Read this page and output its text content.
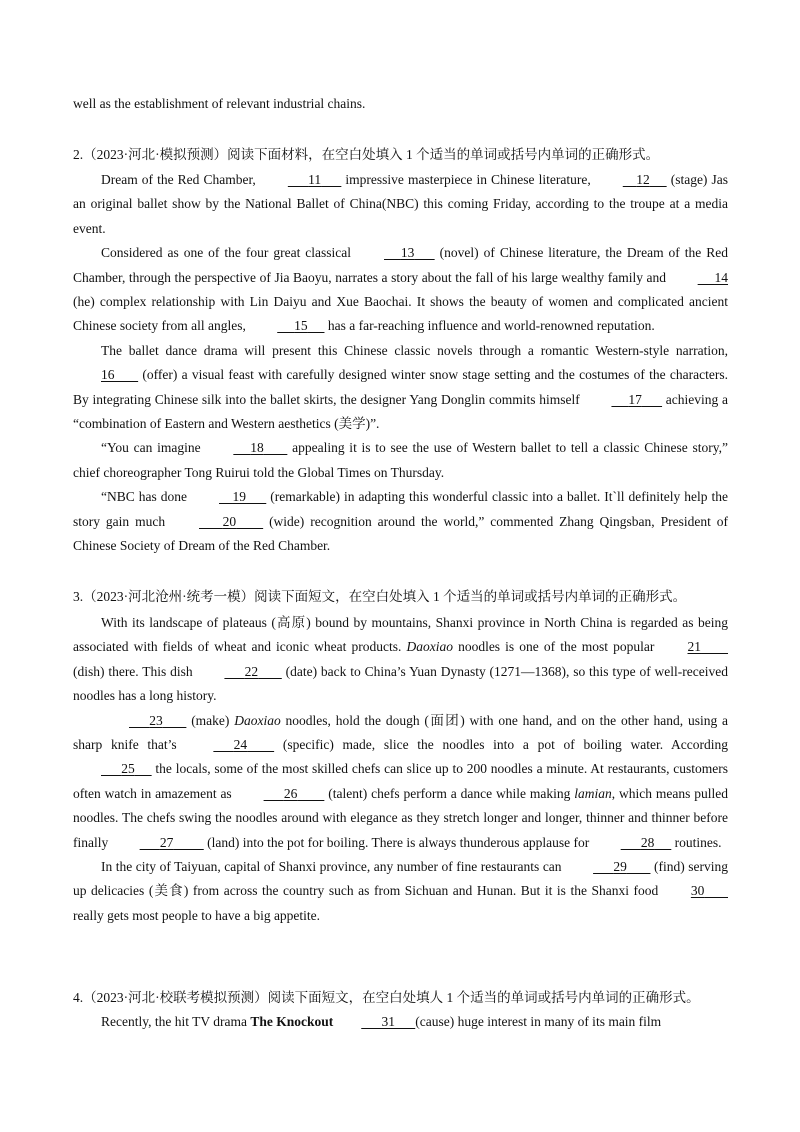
well as the establishment of relevant industrial chains.

2.（2023·河北·模拟预测）阅读下面材料，在空白处填入 1 个适当的单词或括号内单词的正确形式。

Dream of the Red Chamber,	11 impressive masterpiece in Chinese literature,	12 (stage) Jas an original ballet show by the National Ballet of China(NBC) this coming Friday, according to the troupe at a media event.

Considered as one of the four great classical	13 (novel) of Chinese literature, the Dream of the Red Chamber, through the perspective of Jia Baoyu, narrates a story about the fall of his large wealthy family and	14 (he) complex relationship with Lin Daiyu and Xue Baochai. It shows the beauty of women and complicated ancient Chinese society from all angles,	15 has a far-reaching influence and world-renowned reputation.

The ballet dance drama will present this Chinese classic novels through a romantic Western-style narration, 16 (offer) a visual feast with carefully designed winter snow stage setting and the costumes of the characters. By integrating Chinese silk into the ballet skirts, the designer Yang Donglin commits himself	17 achieving a “combination of Eastern and Western aesthetics (美学)”.

“You can imagine	18 appealing it is to see the use of Western ballet to tell a classic Chinese story,” chief choreographer Tong Ruirui told the Global Times on Thursday.

“NBC has done	19 (remarkable) in adapting this wonderful classic into a ballet. It`ll definitely help the story gain much	20 (wide) recognition around the world,” commented Zhang Qingsban, President of Chinese Society of Dream of the Red Chamber.

3.（2023·河北沧州·统考一模）阅读下面短文，在空白处填入 1 个适当的单词或括号内单词的正确形式。

With its landscape of plateaus (高原) bound by mountains, Shanxi province in North China is regarded as being associated with fields of wheat and iconic wheat products. Daoxiao noodles is one of the most popular 21         (dish) there. This dish	22 (date) back to China’s Yuan Dynasty (1271—1368), so this type of well-received noodles has a long history.

23 (make) Daoxiao noodles, hold the dough (面团) with one hand, and on the other hand, using a sharp knife that’s	24	(specific) made, slice the noodles into a pot of boiling water. According       25 the locals, some of the most skilled chefs can slice up to 200 noodles a minute. At restaurants, customers often watch in amazement as	26 (talent) chefs perform a dance while making lamian, which means pulled noodles. The chefs swing the noodles around with elegance as they stretch longer and longer, thinner and thinner before finally	27	(land) into the pot for boiling. There is always thunderous applause for	28 routines.

In the city of Taiyuan, capital of Shanxi province, any number of fine restaurants can	29 (find) serving up delicacies (美食) from across the country such as from Sichuan and Hunan. But it is the Shanxi food 30        really gets most people to have a big appetite.

4.（2023·河北·校联考模拟预测）阅读下面短文，在空白处填人 1 个适当的单词或括号内单词的正确形式。

Recently, the hit TV drama The Knockout	31 (cause) huge interest in many of its main film
